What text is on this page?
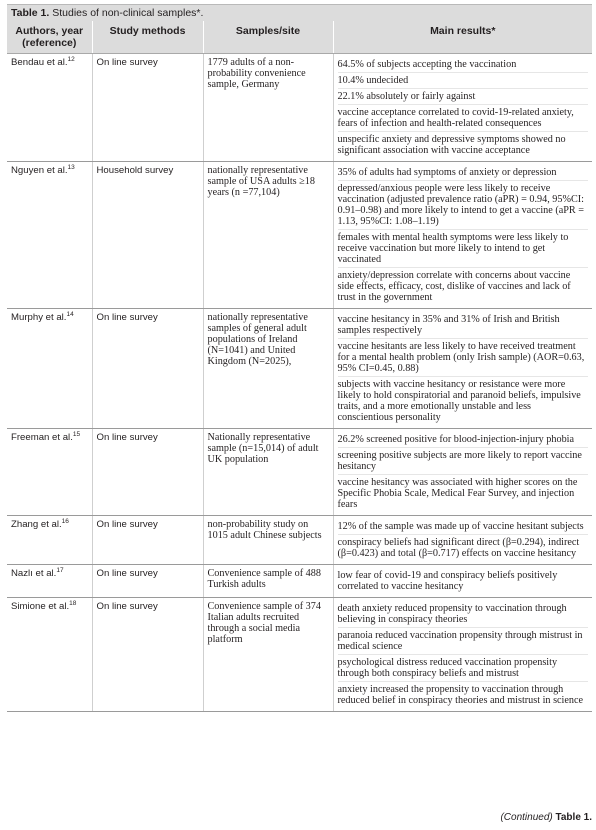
Table 1. Studies of non-clinical samples*.
Authors, year (reference)	Study methods	Samples/site	Main results*
Bendau et al.$^{12}$	On line survey	1779 adults of a non-probability convenience sample, Germany	64.5% of subjects accepting the vaccination
10.4% undecided
22.1% absolutely or fairly against
vaccine acceptance correlated to covid-19-related anxiety, fears of infection and health-related consequences
unspecific anxiety and depressive symptoms showed no significant association with vaccine acceptance

Nguyen et al.$^{13}$	Household survey	nationally representative sample of USA adults ≥18 years (n =77,104)	35% of adults had symptoms of anxiety or depression
depressed/anxious people were less likely to receive vaccination (adjusted prevalence ratio (aPR) = 0.94, 95%CI: 0.91–0.98) and more likely to intend to get a vaccine (aPR = 1.13, 95%CI: 1.08–1.19)
females with mental health symptoms were less likely to receive vaccination but more likely to intend to get vaccinated
anxiety/depression correlate with concerns about vaccine side effects, efficacy, cost, dislike of vaccines and lack of trust in the government

Murphy et al.$^{14}$	On line survey	nationally representative samples of general adult populations of Ireland (N=1041) and United Kingdom (N=2025),	vaccine hesitancy in 35% and 31% of Irish and British samples respectively
vaccine hesitants are less likely to have received treatment for a mental health problem (only Irish sample) (AOR=0.63, 95% CI=0.45, 0.88)
subjects with vaccine hesitancy or resistance were more likely to hold conspiratorial and paranoid beliefs, impulsive traits, and a more emotionally unstable and less conscientious personality

Freeman et al.$^{15}$	On line survey	Nationally representative sample (n=15,014) of adult UK population	26.2% screened positive for blood-injection-injury phobia
screening positive subjects are more likely to report vaccine hesitancy
vaccine hesitancy was associated with higher scores on the Specific Phobia Scale, Medical Fear Survey, and injection fears

Zhang et al.$^{16}$	On line survey	non-probability study on 1015 adult Chinese subjects	12% of the sample was made up of vaccine hesitant subjects
conspiracy beliefs had significant direct (β=0.294), indirect (β=0.423) and total (β=0.717) effects on vaccine hesitancy

Nazlı et al.$^{17}$	On line survey	Convenience sample of 488 Turkish adults	low fear of covid-19 and conspiracy beliefs positively correlated to vaccine hesitancy

Simione et al.$^{18}$	On line survey	Convenience sample of 374 Italian adults recruited through a social media platform	death anxiety reduced propensity to vaccination through believing in conspiracy theories
paranoia reduced vaccination propensity through mistrust in medical science
psychological distress reduced vaccination propensity through both conspiracy beliefs and mistrust
anxiety increased the propensity to vaccination through reduced belief in conspiracy theories and mistrust in science
(Continued) Table 1.
